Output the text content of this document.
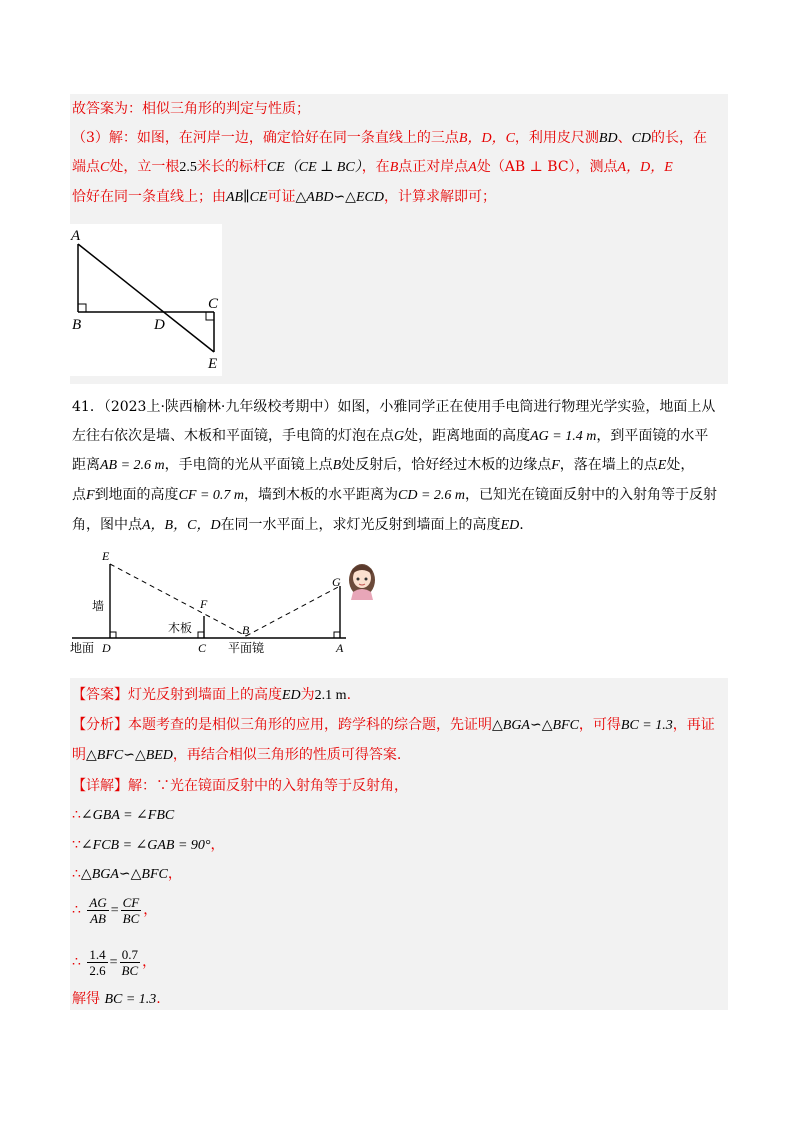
故答案为：相似三角形的判定与性质；
（3）解：如图，在河岸一边，确定恰好在同一条直线上的三点B，D，C，利用皮尺测BD、CD的长，在
端点C处，立一根2.5米长的标杆CE（CE ⊥ BC），在B点正对岸点A处（AB ⊥ BC），测点A，D，E
恰好在同一条直线上；由AB∥CE可证△ABD∽△ECD，计算求解即可；
A
B	D
C
E
41．（2023上·陕西榆林·九年级校考期中）如图，小雅同学正在使用手电筒进行物理光学实验，地面上从
左往右依次是墙、木板和平面镜，手电筒的灯泡在点G处，距离地面的高度AG = 1.4 m，到平面镜的水平
距离AB = 2.6 m，手电筒的光从平面镜上点B处反射后，恰好经过木板的边缘点F，落在墙上的点E处，
点F到地面的高度CF = 0.7 m，墙到木板的水平距离为CD = 2.6 m，已知光在镜面反射中的入射角等于反射
角，图中点A，B，C，D在同一水平面上，求灯光反射到墙面上的高度ED.
E
F
G
D	C
B
A
墙
木板
地面	平面镜
【答案】灯光反射到墙面上的高度ED为2.1 m.
【分析】本题考查的是相似三角形的应用，跨学科的综合题，先证明△BGA∽△BFC，可得BC = 1.3，再证
明△BFC∽△BED，再结合相似三角形的性质可得答案.
【详解】解：∵光在镜面反射中的入射角等于反射角，
∴∠GBA = ∠FBC
∵∠FCB = ∠GAB = 90°，
∴△BGA∽△BFC，
∴ $\frac{AG}{AB} = \frac{CF}{BC}$ ，
∴ $\frac{1.4}{2.6} = \frac{0.7}{BC}$ ，
解得 BC = 1.3.
